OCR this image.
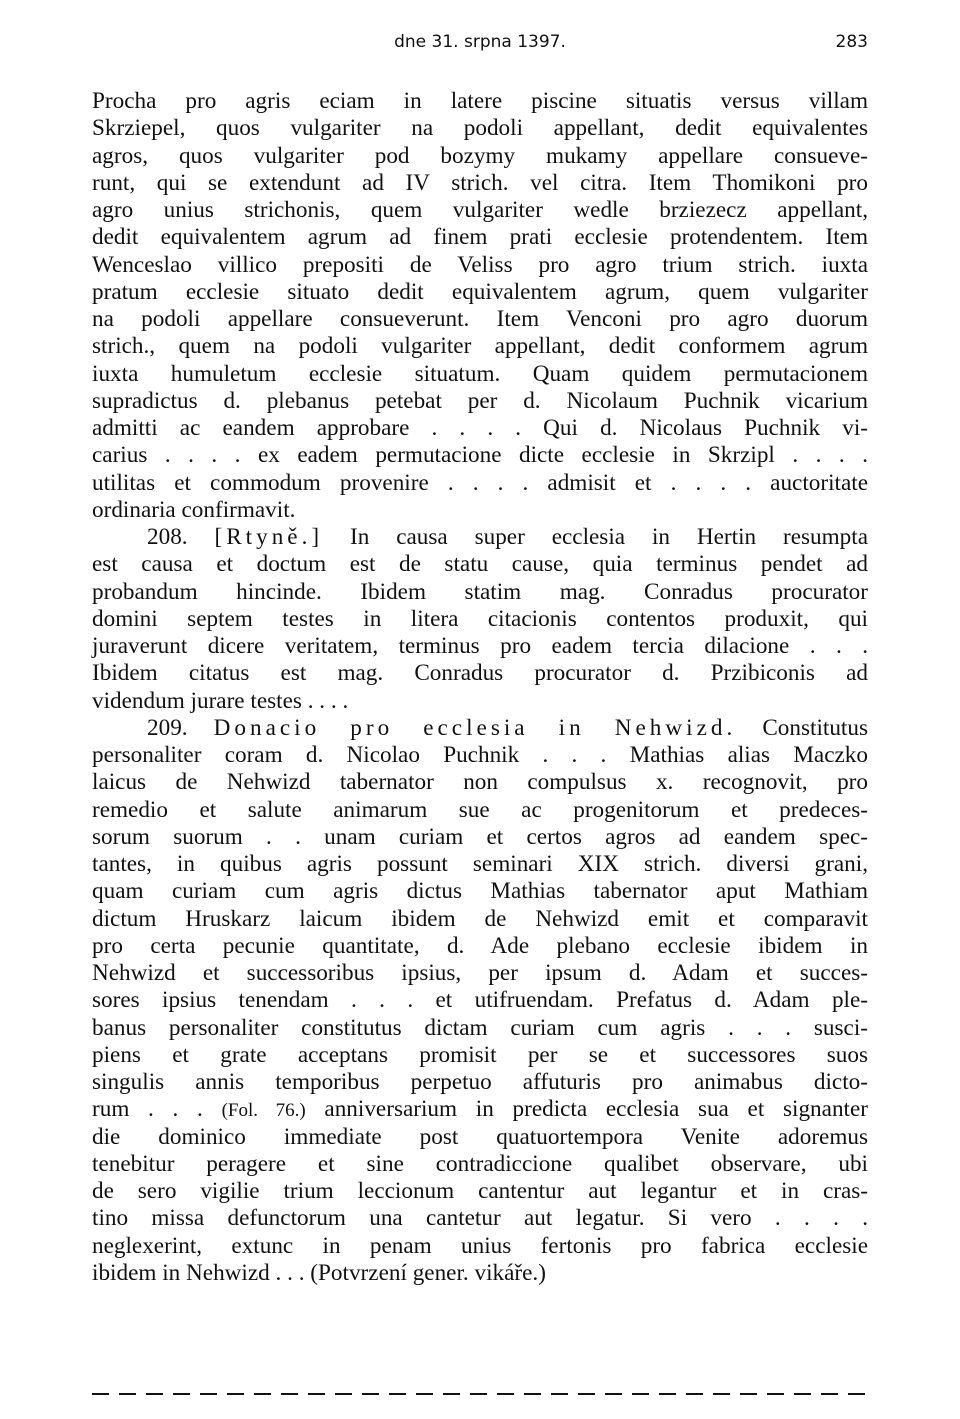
dne 31. srpna 1397.	283
Procha pro agris eciam in latere piscine situatis versus villam
Skrziepel, quos vulgariter na podoli appellant, dedit equivalentes
agros, quos vulgariter pod bozymy mukamy appellare consueve-
runt, qui se extendunt ad IV strich. vel citra. Item Thomikoni pro
agro unius strichonis, quem vulgariter wedle brziezecz appellant,
dedit equivalentem agrum ad finem prati ecclesie protendentem. Item
Wenceslao villico prepositi de Veliss pro agro trium strich. iuxta
pratum ecclesie situato dedit equivalentem agrum, quem vulgariter
na podoli appellare consueverunt. Item Venconi pro agro duorum
strich., quem na podoli vulgariter appellant, dedit conformem agrum
iuxta humuletum ecclesie situatum. Quam quidem permutacionem
supradictus d. plebanus petebat per d. Nicolaum Puchnik vicarium
admitti ac eandem approbare . . . . Qui d. Nicolaus Puchnik vi-
carius . . . . ex eadem permutacione dicte ecclesie in Skrzipl . . . .
utilitas et commodum provenire . . . . admisit et . . . . auctoritate
ordinaria confirmavit.
208. [Rtyně.] In causa super ecclesia in Hertin resumpta
est causa et doctum est de statu cause, quia terminus pendet ad
probandum hincinde. Ibidem statim mag. Conradus procurator
domini septem testes in litera citacionis contentos produxit, qui
juraverunt dicere veritatem, terminus pro eadem tercia dilacione . . .
Ibidem citatus est mag. Conradus procurator d. Przibiconis ad
videndum jurare testes . . . .
209. Donacio pro ecclesia in Nehwizd. Constitutus
personaliter coram d. Nicolao Puchnik . . . Mathias alias Maczko
laicus de Nehwizd tabernator non compulsus x. recognovit, pro
remedio et salute animarum sue ac progenitorum et predeces-
sorum suorum . . unam curiam et certos agros ad eandem spec-
tantes, in quibus agris possunt seminari XIX strich. diversi grani,
quam curiam cum agris dictus Mathias tabernator aput Mathiam
dictum Hruskarz laicum ibidem de Nehwizd emit et comparavit
pro certa pecunie quantitate, d. Ade plebano ecclesie ibidem in
Nehwizd et successoribus ipsius, per ipsum d. Adam et succes-
sores ipsius tenendam . . . et utifruendam. Prefatus d. Adam ple-
banus personaliter constitutus dictam curiam cum agris . . . susci-
piens et grate acceptans promisit per se et successores suos
singulis annis temporibus perpetuo affuturis pro animabus dicto-
rum . . . (Fol. 76.) anniversarium in predicta ecclesia sua et signanter
die dominico immediate post quatuortempora Venite adoremus
tenebitur peragere et sine contradiccione qualibet observare, ubi
de sero vigilie trium leccionum cantentur aut legantur et in cras-
tino missa defunctorum una cantetur aut legatur. Si vero . . . .
neglexerint, extunc in penam unius fertonis pro fabrica ecclesie
ibidem in Nehwizd . . . (Potvrzení gener. vikáře.)
